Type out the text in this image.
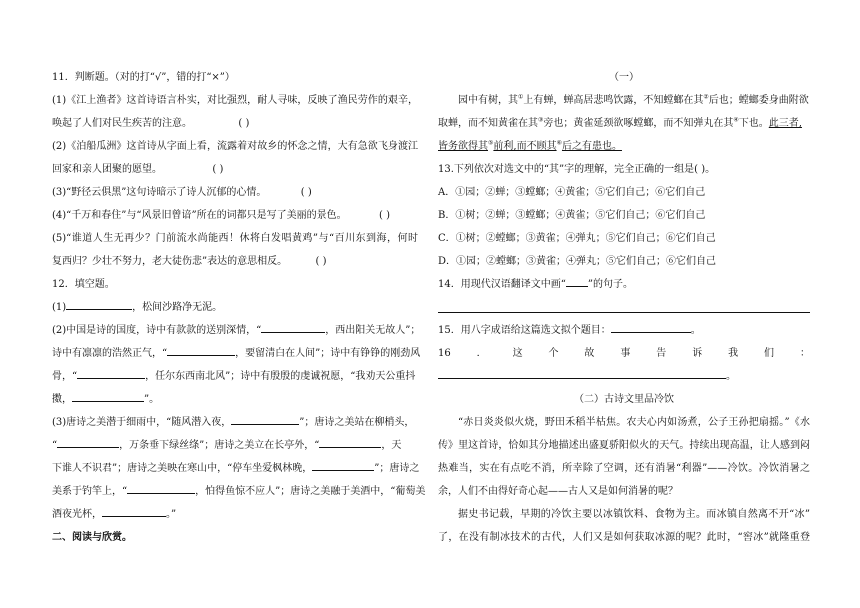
11．判断题。（对的打“√”，错的打“×”）
(1)《江上渔者》这首诗语言朴实，对比强烈，耐人寻味，反映了渔民劳作的艰辛，
唤起了人们对民生疾苦的注意。	( )
(2)《泊船瓜洲》这首诗从字面上看，流露着对故乡的怀念之情，大有急欲飞身渡江
回家和亲人团聚的愿望。	( )
(3)“野径云俱黑”这句诗暗示了诗人沉郁的心情。	( )
(4)“千万和春住”与“风景旧曾谙”所在的词都只是写了美丽的景色。	( )
(5)“谁道人生无再少？门前流水尚能西！休将白发唱黄鸡”与“百川东到海，何时
复西归？少壮不努力，老大徒伤悲”表达的意思相反。	( )
12．填空题。
(1)	，松间沙路净无泥。
(2)中国是诗的国度，诗中有款款的送别深情，“	，西出阳关无故人”；
诗中有凛凛的浩然正气，“	，要留清白在人间”；诗中有铮铮的刚劲风
骨，“	，任尔东西南北风”；诗中有殷殷的虔诚祝愿，“我劝天公重抖
擞，	”。
(3)唐诗之美潜于细雨中，“随风潜入夜，	”；唐诗之美站在柳梢头，
“	，万条垂下绿丝绦”；唐诗之美立在长亭外，“	，天
下谁人不识君”；唐诗之美映在寒山中，“停车坐爱枫林晚，	”；唐诗之
美系于钓竿上，“	，怕得鱼惊不应人”；唐诗之美融于美酒中，“葡萄美
酒夜光杯，	。”
二、阅读与欣赏。
（一）
园中有树，其①上有蝉，蝉高居悲鸣饮露，不知螳螂在其②后也；螳螂委身曲附欲
取蝉，而不知黄雀在其③旁也；黄雀延颈欲啄螳螂，而不知弹丸在其④下也。此三者,
皆务欲得其⑤前利,而不顾其⑥后之有患也。
13.下列依次对选文中的“其”字的理解，完全正确的一组是( )。
A．①园；②蝉；③螳螂；④黄雀；⑤它们自己；⑥它们自己
B．①树；②蝉；③螳螂；④黄雀；⑤它们自己；⑥它们自己
C．①树；②螳螂；③黄雀；④弹丸；⑤它们自己；⑥它们自己
D．①园；②螳螂；③黄雀；④弹丸；⑤它们自己；⑥它们自己
14．用现代汉语翻译文中画“ ”的句子。
15．用八字成语给这篇选文拟个题目：	。
16	．	这	个	故	事	告	诉	我	们	：
。
（二）古诗文里品冷饮
“赤日炎炎似火烧，野田禾稻半枯焦。农夫心内如汤煮，公子王孙把扇摇。”《水
传》里这首诗，恰如其分地描述出盛夏骄阳似火的天气。持续出现高温，让人感到闷
热难当，实在有点吃不消，所幸除了空调，还有消暑“利器”——冷饮。冷饮消暑之
余，人们不由得好奇心起——古人又是如何消暑的呢？
据史书记载，早期的冷饮主要以冰镇饮料、食物为主。而冰镇自然离不开“冰”
了，在没有制冰技术的古代，人们又是如何获取冰源的呢？此时，“窖冰”就隆重登
